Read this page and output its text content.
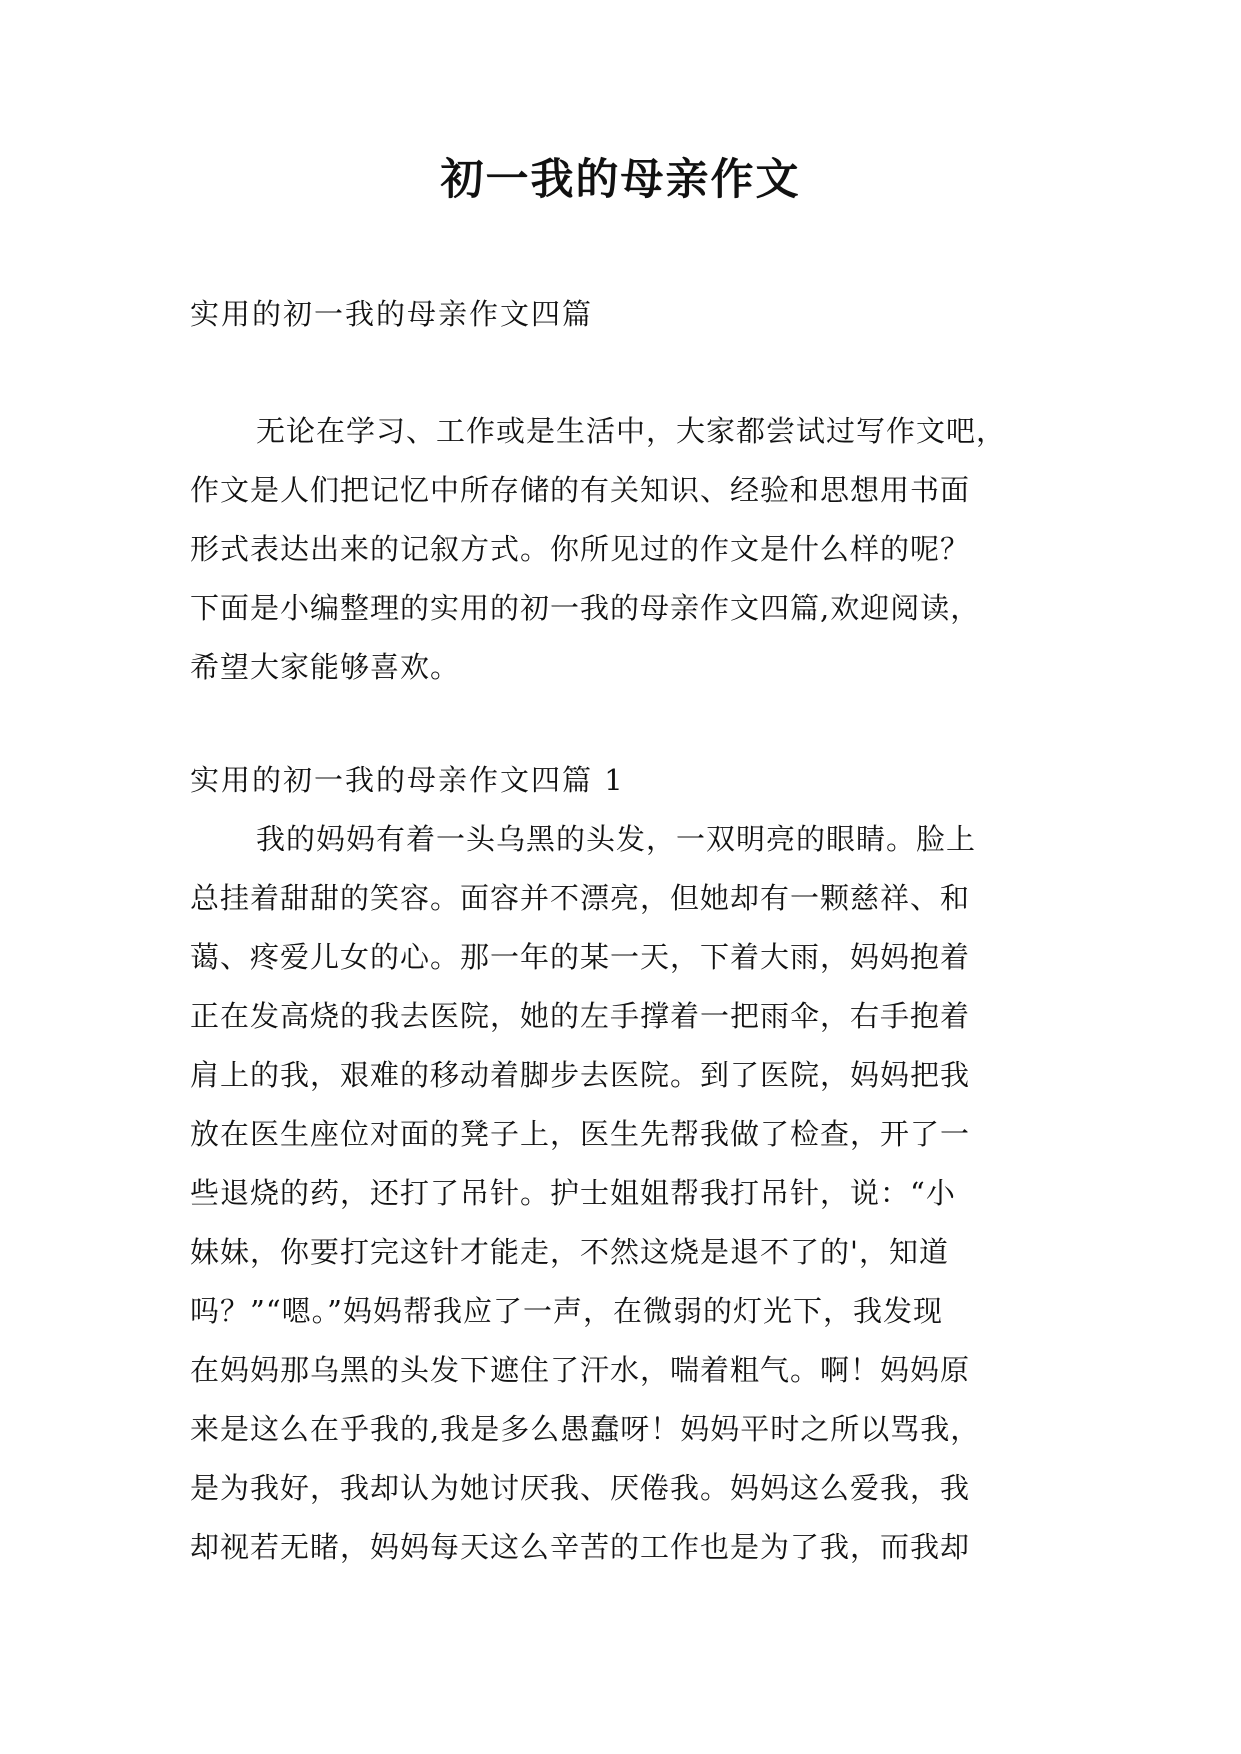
初一我的母亲作文
实用的初一我的母亲作文四篇
无论在学习、工作或是生活中，大家都尝试过写作文吧，
作文是人们把记忆中所存储的有关知识、经验和思想用书面
形式表达出来的记叙方式。你所见过的作文是什么样的呢？
下面是小编整理的实用的初一我的母亲作文四篇,欢迎阅读，
希望大家能够喜欢。
实用的初一我的母亲作文四篇 1
我的妈妈有着一头乌黑的头发，一双明亮的眼睛。脸上
总挂着甜甜的笑容。面容并不漂亮，但她却有一颗慈祥、和
蔼、疼爱儿女的心。那一年的某一天，下着大雨，妈妈抱着
正在发高烧的我去医院，她的左手撑着一把雨伞，右手抱着
肩上的我，艰难的移动着脚步去医院。到了医院，妈妈把我
放在医生座位对面的凳子上，医生先帮我做了检查，开了一
些退烧的药，还打了吊针。护士姐姐帮我打吊针，说：“小
妹妹，你要打完这针才能走，不然这烧是退不了的'，知道
吗？”“嗯。”妈妈帮我应了一声，在微弱的灯光下，我发现
在妈妈那乌黑的头发下遮住了汗水，喘着粗气。啊！妈妈原
来是这么在乎我的,我是多么愚蠢呀！妈妈平时之所以骂我，
是为我好，我却认为她讨厌我、厌倦我。妈妈这么爱我，我
却视若无睹，妈妈每天这么辛苦的工作也是为了我，而我却
